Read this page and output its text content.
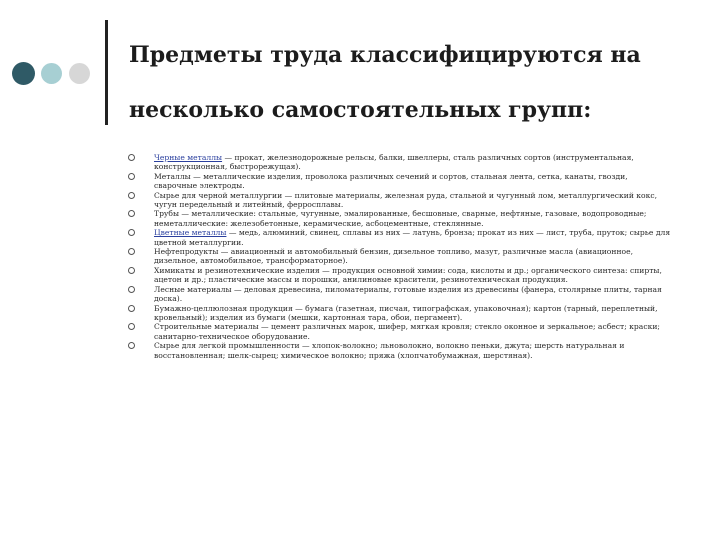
Предметы труда классифицируются на
несколько самостоятельных групп:
Черные металлы — прокат, железнодорожные рельсы, балки, швеллеры, сталь различных сортов (инструментальная, конструкционная, быстрорежущая).
Металлы — металлические изделия, проволока различных сечений и сортов, стальная лента, сетка, канаты, гвозди, сварочные электроды.
Сырье для черной металлургии — плитовые материалы, железная руда, стальной и чугунный лом, металлургический кокс, чугун передельный и литейный, ферросплавы.
Трубы — металлические: стальные, чугунные, эмалированные, бесшовные, сварные, нефтяные, газовые, водопроводные; неметаллические: железобетонные, керамические, асбоцементные, стеклянные.
Цветные металлы — медь, алюминий, свинец, сплавы из них — латунь, бронза; прокат из них — лист, труба, пруток; сырье для цветной металлургии.
Нефтепродукты — авиационный и автомобильный бензин, дизельное топливо, мазут, различные масла (авиационное, дизельное, автомобильное, трансформаторное).
Химикаты и резинотехнические изделия — продукция основной химии: сода, кислоты и др.; органического синтеза: спирты, ацетон и др.; пластические массы и порошки, анилиновые красители, резинотехническая продукция.
Лесные материалы — деловая древесина, пиломатериалы, готовые изделия из древесины (фанера, столярные плиты, тарная доска).
Бумажно-целлюлозная продукция — бумага (газетная, писчая, типографская, упаковочная); картон (тарный, переплетный, кровельный); изделия из бумаги (мешки, картонная тара, обои, пергамент).
Строительные материалы — цемент различных марок, шифер, мягкая кровля; стекло оконное и зеркальное; асбест; краски; санитарно-техническое оборудование.
Сырье для легкой промышленности — хлопок-волокно; льноволокно, волокно пеньки, джута; шерсть натуральная и восстановленная; шелк-сырец; химическое волокно; пряжа (хлопчатобумажная, шерстяная).
